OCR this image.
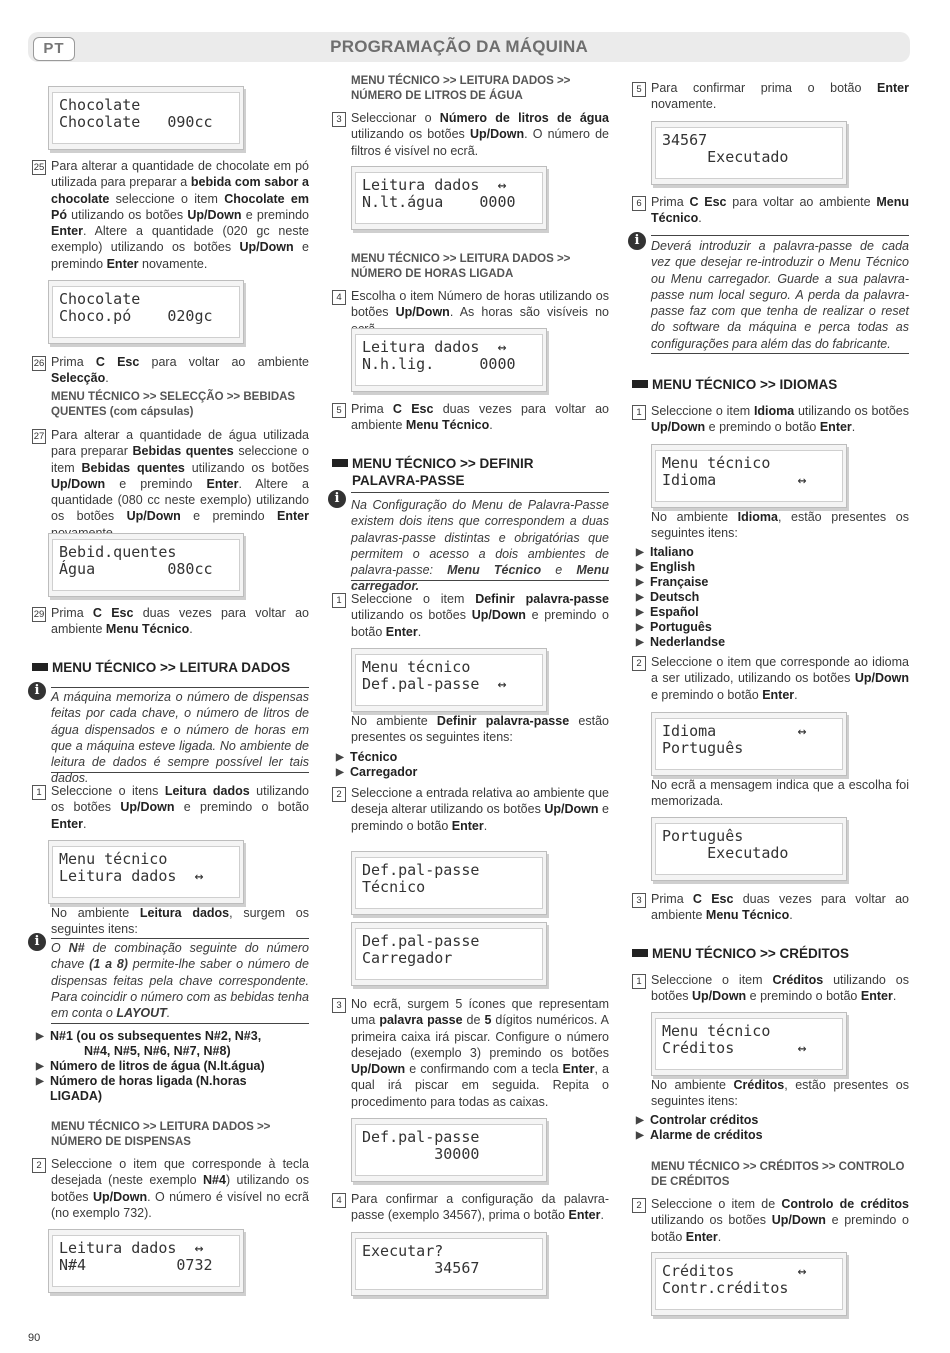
PT	PROGRAMAÇÃO DA MÁQUINA
Chocolate
Chocolate   090cc
25 Para alterar a quantidade de chocolate em pó utilizada para preparar a bebida com sabor a chocolate seleccione o item Chocolate em Pó utilizando os botões Up/Down e premindo Enter. Altere a quantidade (020 gc neste exemplo) utilizando os botões Up/Down e premindo Enter novamente.
Chocolate
Choco.pó    020gc
26 Prima C Esc para voltar ao ambiente Selecção.
MENU TÉCNICO >> SELECÇÃO >> BEBIDAS QUENTES (com cápsulas)
27 Para alterar a quantidade de água utilizada para preparar Bebidas quentes seleccione o item Bebidas quentes utilizando os botões Up/Down e premindo Enter. Altere a quantidade (080 cc neste exemplo) utilizando os botões Up/Down e premindo Enter
Bebid.quentes
Água        080cc
29 Prima C Esc duas vezes para voltar ao ambiente Menu Técnico.
MENU TÉCNICO >> LEITURA DADOS
i A máquina memoriza o número de dispensas feitas por cada chave, o número de litros de água dispensados e o número de horas em que a máquina esteve ligada. No ambiente de leitura de dados é sempre possível ler tais dados.
1 Seleccione o itens Leitura dados utilizando os botões Up/Down e premindo o botão Enter.
Menu técnico
Leitura dados  ↔
No ambiente Leitura dados, surgem os seguintes itens:
i O N# de combinação seguinte do número chave (1 a 8) permite-lhe saber o número de dispensas feitas pela chave correspondente. Para coincidir o número com as bebidas tenha em conta o LAYOUT.
▶ N#1 (ou os subsequentes N#2, N#3,
N#4, N#5, N#6, N#7, N#8)
▶ Número de litros de água (N.lt.água)
▶ Número de horas ligada (N.horas
LIGADA)
MENU TÉCNICO >> LEITURA DADOS >> NÚMERO DE DISPENSAS
2 Seleccione o item que corresponde à tecla desejada (neste exemplo N#4) utilizando os botões Up/Down. O número é visível no ecrã (no exemplo 732).
Leitura dados  ↔
N#4          0732
MENU TÉCNICO >> LEITURA DADOS >> NÚMERO DE LITROS DE ÁGUA
3 Seleccionar o Número de litros de água utilizando os botões Up/Down. O número de filtros é visível no ecrã.
Leitura dados  ↔
N.lt.água    0000
MENU TÉCNICO >> LEITURA DADOS >> NÚMERO DE HORAS LIGADA
4 Escolha o item Número de horas utilizando os botões Up/Down. As horas são visíveis no
Leitura dados  ↔
N.h.lig.     0000
5 Prima C Esc duas vezes para voltar ao ambiente Menu Técnico.
MENU TÉCNICO >> DEFINIR PALAVRA-PASSE
i Na Configuração do Menu de Palavra-Passe existem dois itens que correspondem a duas palavras-passe distintas e obrigatórias que permitem o acesso a dois ambientes de palavra-passe: Menu Técnico e Menu carregador.
1 Seleccione o item Definir palavra-passe utilizando os botões Up/Down e premindo o botão Enter.
Menu técnico
Def.pal-passe  ↔
No ambiente Definir palavra-passe estão presentes os seguintes itens:
▶ Técnico
▶ Carregador
2 Seleccione a entrada relativa ao ambiente que deseja alterar utilizando os botões Up/Down e premindo o botão Enter.
Def.pal-passe
Técnico
Def.pal-passe
Carregador
3 No ecrã, surgem 5 ícones que representam uma palavra passe de 5 dígitos numéricos. A primeira caixa irá piscar. Configure o número desejado (exemplo 3) premindo os botões Up/Down e confirmando com a tecla Enter, a qual irá piscar em seguida. Repita o procedimento para todas as caixas.
Def.pal-passe
30000
4 Para confirmar a configuração da palavra-passe (exemplo 34567), prima o botão Enter.
Executar?
34567
5 Para confirmar prima o botão Enter novamente.
34567
Executado
6 Prima C Esc para voltar ao ambiente Menu Técnico.
i Deverá introduzir a palavra-passe de cada vez que desejar re-introduzir o Menu Técnico ou Menu carregador. Guarde a sua palavra-passe num local seguro. A perda da palavra-passe faz com que tenha de realizar o reset do software da máquina e perca todas as configurações para além das do fabricante.
MENU TÉCNICO >> IDIOMAS
1 Seleccione o item Idioma utilizando os botões Up/Down e premindo o botão Enter.
Menu técnico
Idioma         ↔
No ambiente Idioma, estão presentes os seguintes itens:
▶ Italiano
▶ English
▶ Française
▶ Deutsch
▶ Español
▶ Português
▶ Nederlandse
2 Seleccione o item que corresponde ao idioma a ser utilizado, utilizando os botões Up/Down e premindo o botão Enter.
Idioma         ↔
Português
No ecrã a mensagem indica que a escolha foi memorizada.
Português
Executado
3 Prima C Esc duas vezes para voltar ao ambiente Menu Técnico.
MENU TÉCNICO >> CRÉDITOS
1 Seleccione o item Créditos utilizando os botões Up/Down e premindo o botão Enter.
Menu técnico
Créditos       ↔
No ambiente Créditos, estão presentes os seguintes itens:
▶ Controlar créditos
▶ Alarme de créditos
MENU TÉCNICO >> CRÉDITOS >> CONTROLO DE CRÉDITOS
2 Seleccione o item de Controlo de créditos utilizando os botões Up/Down e premindo o botão Enter.
Créditos       ↔
Contr.créditos
90
